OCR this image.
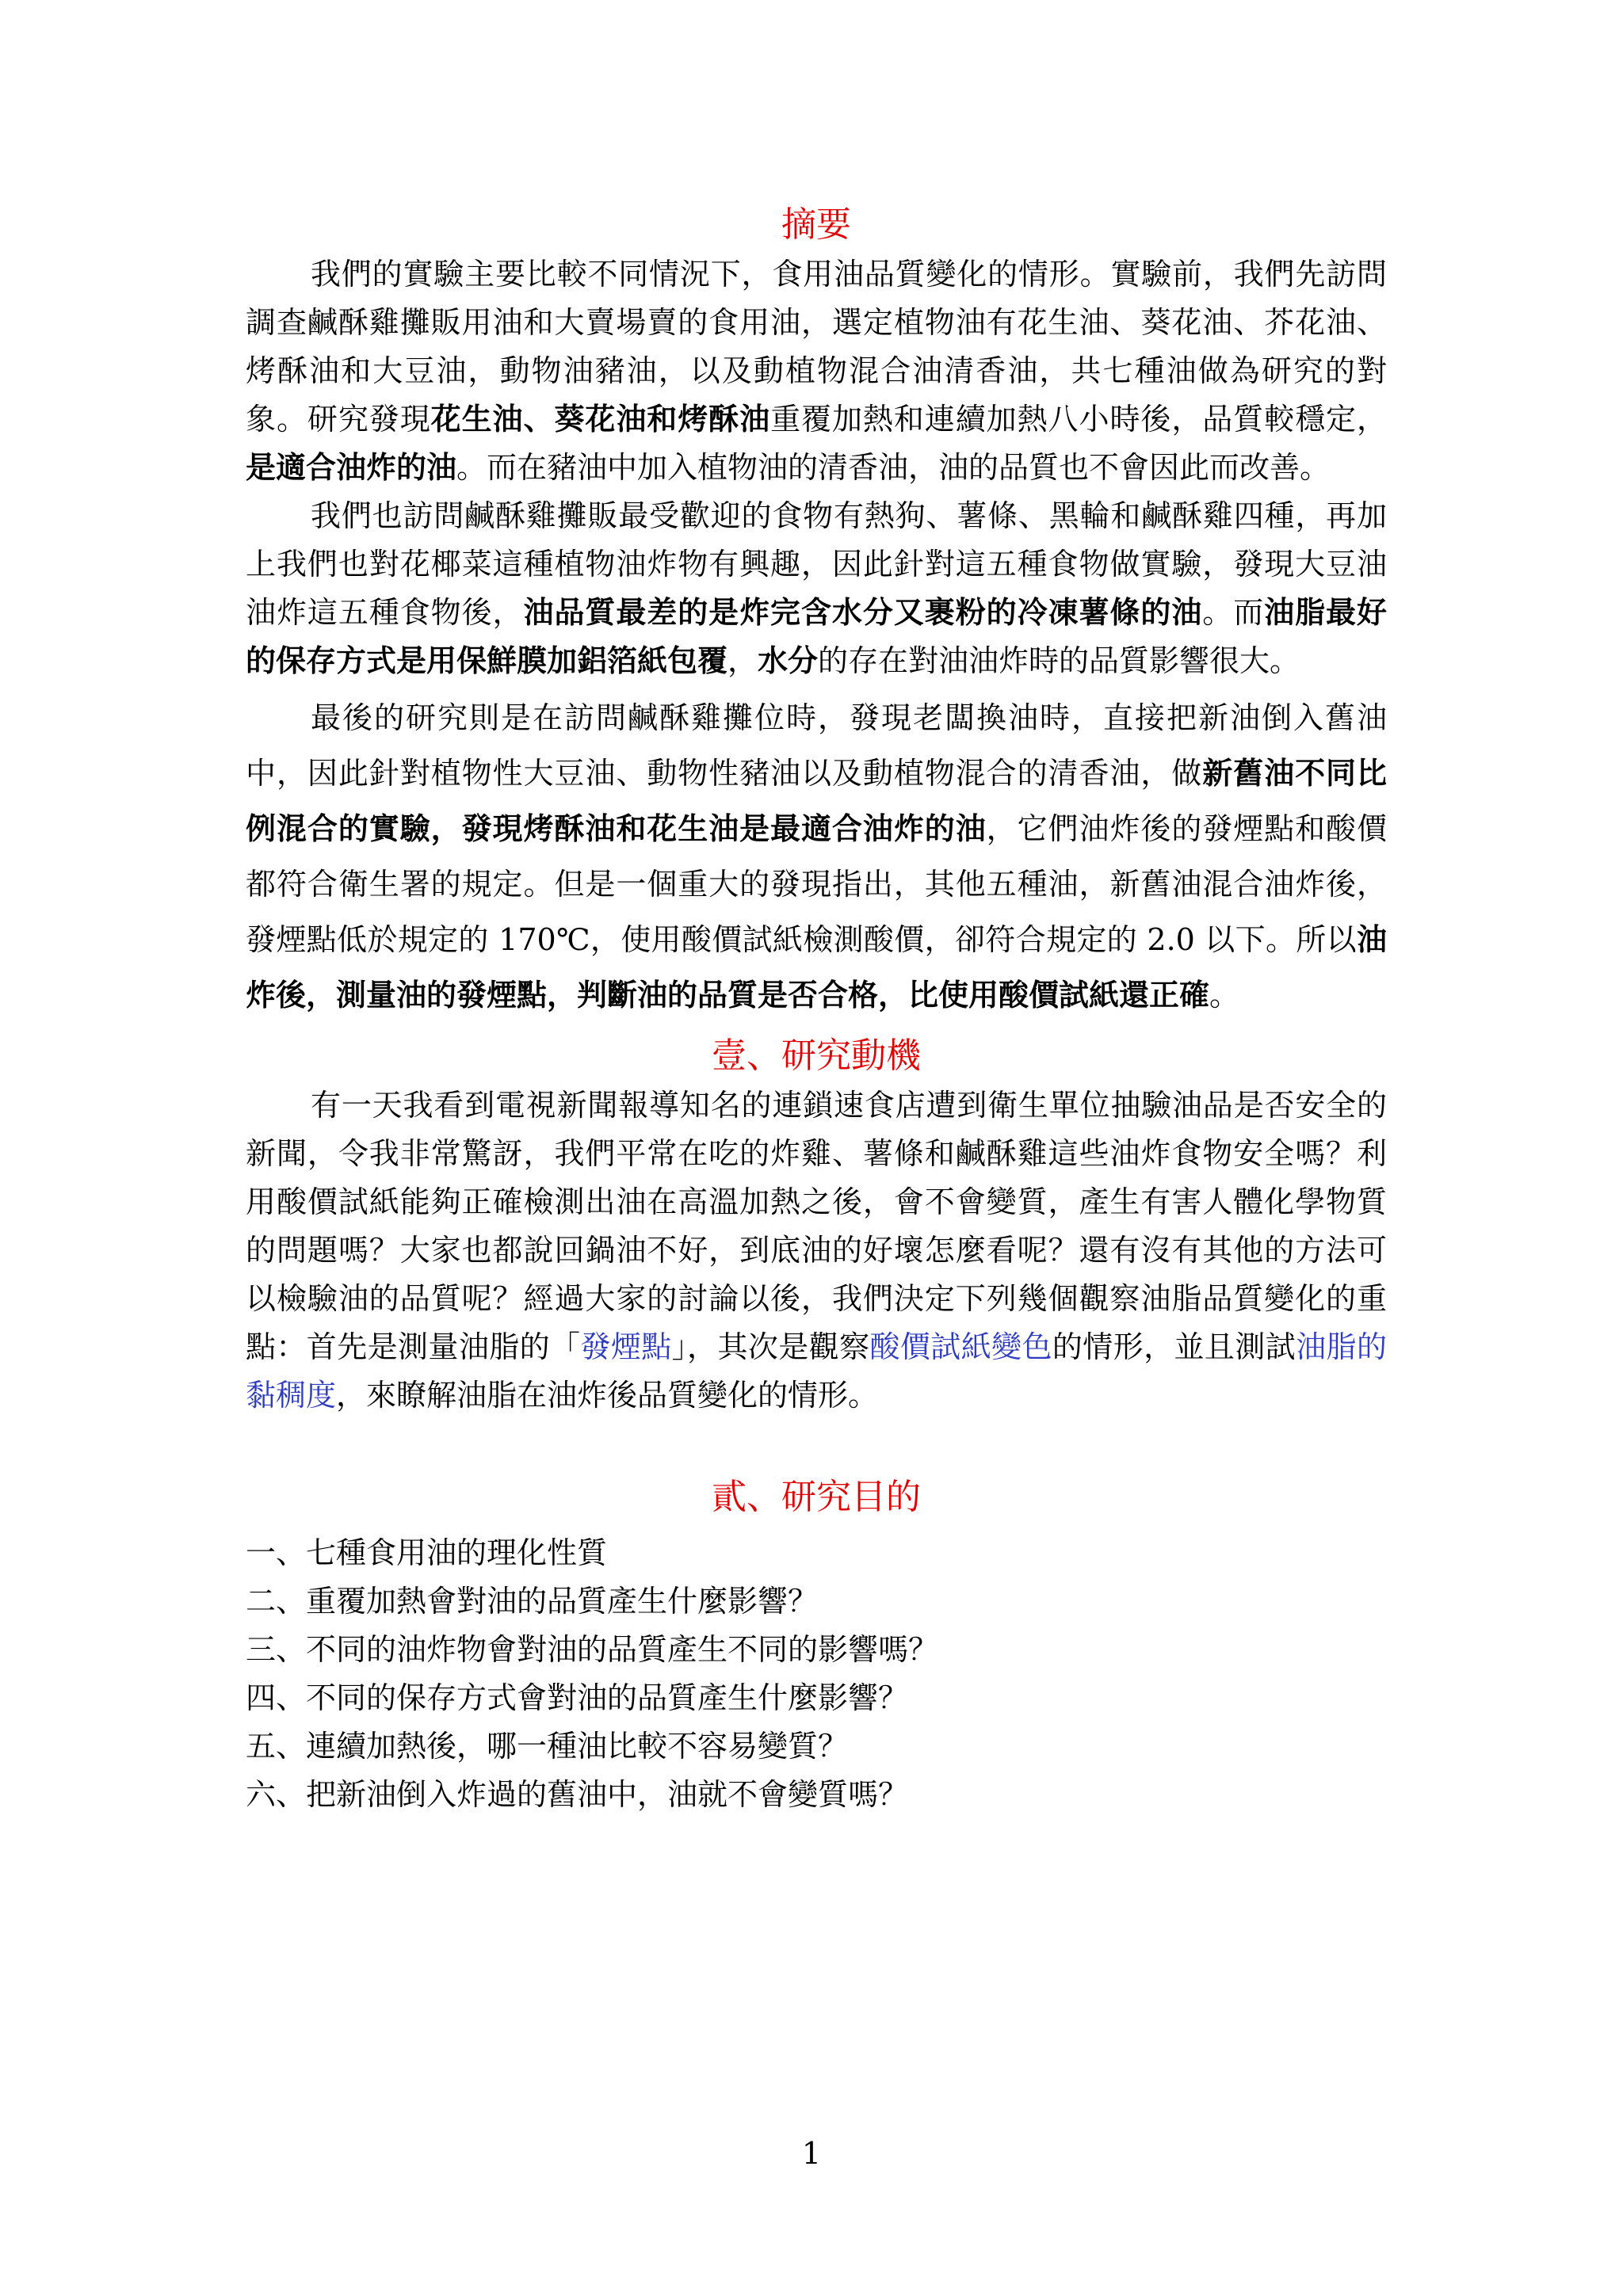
摘要

我們的實驗主要比較不同情況下，食用油品質變化的情形。實驗前，我們先訪問調查鹹酥雞攤販用油和大賣場賣的食用油，選定植物油有花生油、葵花油、芥花油、烤酥油和大豆油，動物油豬油，以及動植物混合油清香油，共七種油做為研究的對象。研究發現花生油、葵花油和烤酥油重覆加熱和連續加熱八小時後，品質較穩定，是適合油炸的油。而在豬油中加入植物油的清香油，油的品質也不會因此而改善。

我們也訪問鹹酥雞攤販最受歡迎的食物有熱狗、薯條、黑輪和鹹酥雞四種，再加上我們也對花椰菜這種植物油炸物有興趣，因此針對這五種食物做實驗，發現大豆油油炸這五種食物後，油品質最差的是炸完含水分又裹粉的冷凍薯條的油。而油脂最好的保存方式是用保鮮膜加鋁箔紙包覆，水分的存在對油油炸時的品質影響很大。

最後的研究則是在訪問鹹酥雞攤位時，發現老闆換油時，直接把新油倒入舊油中，因此針對植物性大豆油、動物性豬油以及動植物混合的清香油，做新舊油不同比例混合的實驗，發現烤酥油和花生油是最適合油炸的油，它們油炸後的發煙點和酸價都符合衛生署的規定。但是一個重大的發現指出，其他五種油，新舊油混合油炸後，發煙點低於規定的 170℃，使用酸價試紙檢測酸價，卻符合規定的 2.0 以下。所以油炸後，測量油的發煙點，判斷油的品質是否合格，比使用酸價試紙還正確。

壹、研究動機

有一天我看到電視新聞報導知名的連鎖速食店遭到衛生單位抽驗油品是否安全的新聞，令我非常驚訝，我們平常在吃的炸雞、薯條和鹹酥雞這些油炸食物安全嗎？利用酸價試紙能夠正確檢測出油在高溫加熱之後，會不會變質，產生有害人體化學物質的問題嗎？大家也都說回鍋油不好，到底油的好壞怎麼看呢？還有沒有其他的方法可以檢驗油的品質呢？經過大家的討論以後，我們決定下列幾個觀察油脂品質變化的重點：首先是測量油脂的「發煙點」，其次是觀察酸價試紙變色的情形，並且測試油脂的黏稠度，來瞭解油脂在油炸後品質變化的情形。

貳、研究目的
一、七種食用油的理化性質
二、重覆加熱會對油的品質產生什麼影響？
三、不同的油炸物會對油的品質產生不同的影響嗎？
四、不同的保存方式會對油的品質產生什麼影響？
五、連續加熱後，哪一種油比較不容易變質？
六、把新油倒入炸過的舊油中，油就不會變質嗎？
1
